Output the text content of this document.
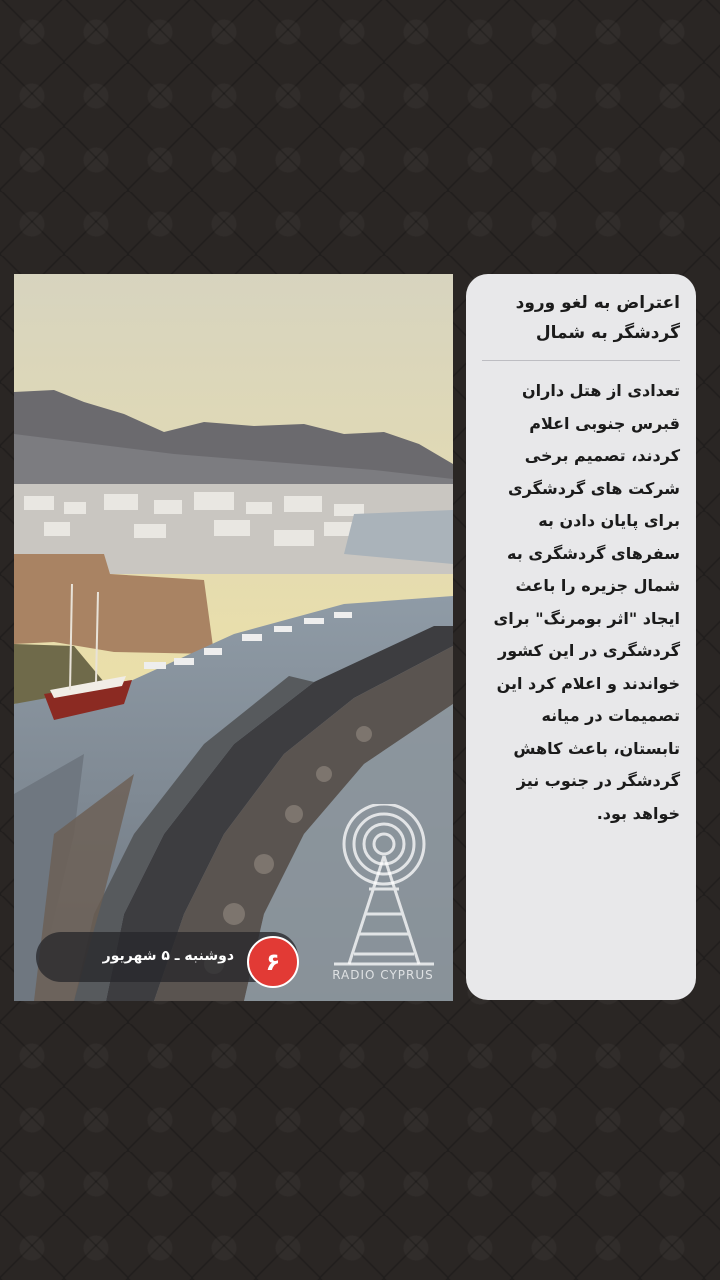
RADIO CYPRUS
دوشنبه ـ ۵ شهریور ۶
اعتراض به لغو ورود گردشگر به شمال
تعدادی از هتل داران قبرس جنوبی اعلام کردند، تصمیم برخی شرکت های گردشگری برای پایان دادن به سفرهای گردشگری به شمال جزیره را باعث ایجاد "اثر بومرنگ" برای گردشگری در این کشور خواندند و اعلام کرد این تصمیمات در میانه تابستان، باعث کاهش گردشگر در جنوب نیز خواهد بود.
